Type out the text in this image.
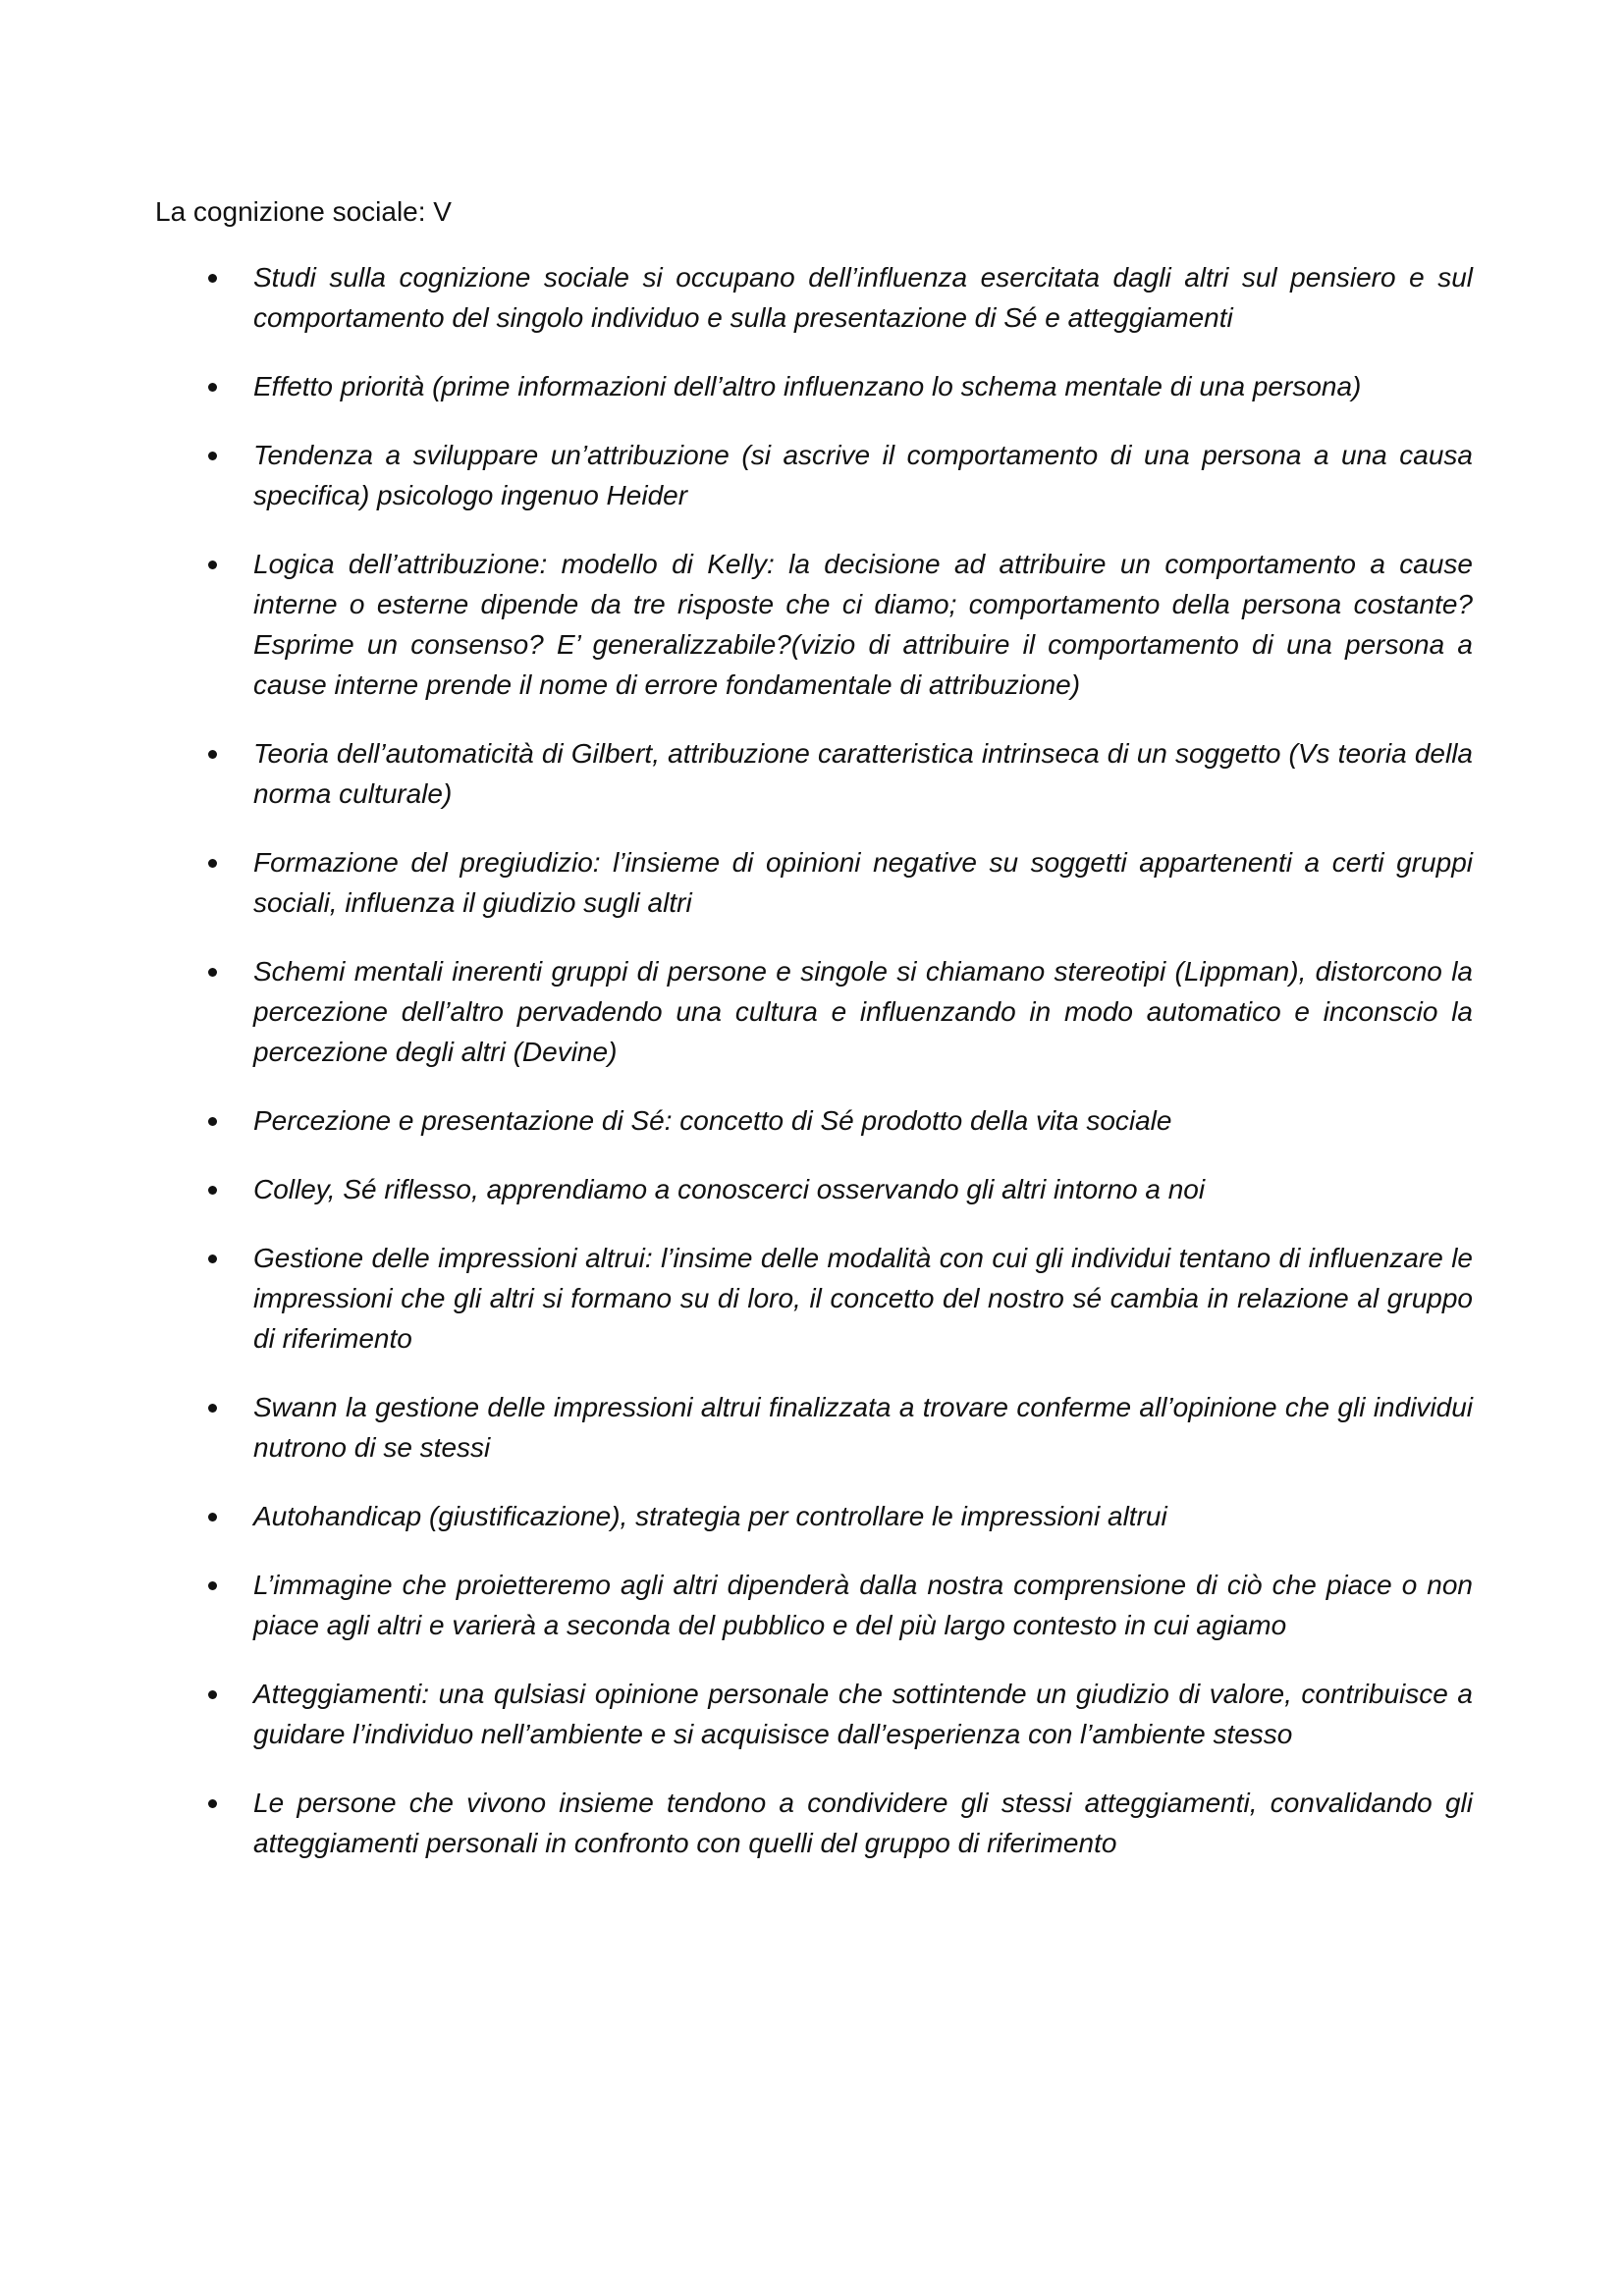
La cognizione sociale: V
Studi sulla cognizione sociale si occupano dell’influenza esercitata dagli altri sul pensiero e sul comportamento del singolo individuo e sulla presentazione di Sé e atteggiamenti
Effetto priorità (prime informazioni dell’altro influenzano lo schema mentale di una persona)
Tendenza a sviluppare un’attribuzione (si ascrive il comportamento di una persona a una causa specifica) psicologo ingenuo Heider
Logica dell’attribuzione: modello di Kelly: la decisione ad attribuire un comportamento a cause interne o esterne dipende da tre risposte che ci diamo; comportamento della persona costante? Esprime un consenso? E’ generalizzabile?(vizio di attribuire il comportamento di una persona a cause interne prende il nome di errore fondamentale di attribuzione)
Teoria dell’automaticità di Gilbert, attribuzione caratteristica intrinseca di un soggetto (Vs teoria della norma culturale)
Formazione del pregiudizio: l’insieme di opinioni negative su soggetti appartenenti a certi gruppi sociali, influenza il giudizio sugli altri
Schemi mentali inerenti gruppi di persone e singole si chiamano stereotipi (Lippman), distorcono la percezione dell’altro pervadendo una cultura e influenzando in modo automatico e inconscio la percezione degli altri (Devine)
Percezione e presentazione di Sé: concetto di Sé prodotto della vita sociale
Colley, Sé riflesso, apprendiamo a conoscerci osservando gli altri intorno a noi
Gestione delle impressioni altrui: l’insime delle modalità con cui gli individui tentano di influenzare le impressioni che gli altri si formano su di loro, il concetto del nostro sé cambia in relazione al gruppo di riferimento
Swann la gestione delle impressioni altrui finalizzata a trovare conferme all’opinione che gli individui nutrono di se stessi
Autohandicap (giustificazione), strategia per controllare le impressioni altrui
L’immagine che proietteremo agli altri dipenderà dalla nostra comprensione di ciò che piace o non piace agli altri e varierà a seconda del pubblico e del più largo contesto in cui agiamo
Atteggiamenti: una qulsiasi opinione personale che sottintende un giudizio di valore, contribuisce a guidare l’individuo nell’ambiente e si acquisisce dall’esperienza con l’ambiente stesso
Le persone che vivono insieme tendono a condividere gli stessi atteggiamenti, convalidando gli atteggiamenti personali in confronto con quelli del gruppo di riferimento
